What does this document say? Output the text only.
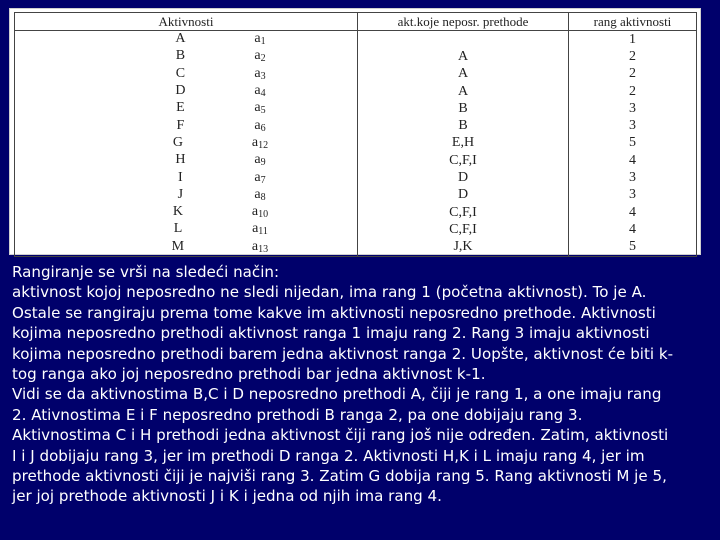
Aktivnosti	akt.koje neposr. prethode	rang aktivnosti
A $a_1$		1
B $a_2$	A	2
C $a_3$	A	2
D $a_4$	A	2
E $a_5$	B	3
F $a_6$	B	3
G $a_{12}$	E,H	5
H $a_9$	C,F,I	4
I $a_7$	D	3
J $a_8$	D	3
K $a_{10}$	C,F,I	4
L $a_{11}$	C,F,I	4
M $a_{13}$	J,K	5

Rangiranje se vrši na sledeći način:

aktivnost kojoj neposredno ne sledi nijedan, ima rang 1 (početna aktivnost). To je A.

Ostale se rangiraju prema tome kakve im aktivnosti neposredno prethode. Aktivnosti

kojima neposredno prethodi aktivnost ranga 1 imaju rang 2. Rang 3 imaju aktivnosti

kojima neposredno prethodi barem jedna aktivnost ranga 2. Uopšte, aktivnost će biti k-

tog ranga ako joj neposredno prethodi bar jedna aktivnost k-1.

Vidi se da aktivnostima B,C i D neposredno prethodi A, čiji je rang 1, a one imaju rang

2. Ativnostima E i F neposredno prethodi B ranga 2, pa one dobijaju rang 3.

Aktivnostima C i H prethodi jedna aktivnost čiji rang još nije određen. Zatim, aktivnosti

I i J dobijaju rang 3, jer im prethodi D ranga 2. Aktivnosti H,K i L imaju rang 4, jer im

prethode aktivnosti čiji je najviši rang 3. Zatim G dobija rang 5. Rang aktivnosti M je 5,

jer joj prethode aktivnosti J i K i jedna od njih ima rang 4.
